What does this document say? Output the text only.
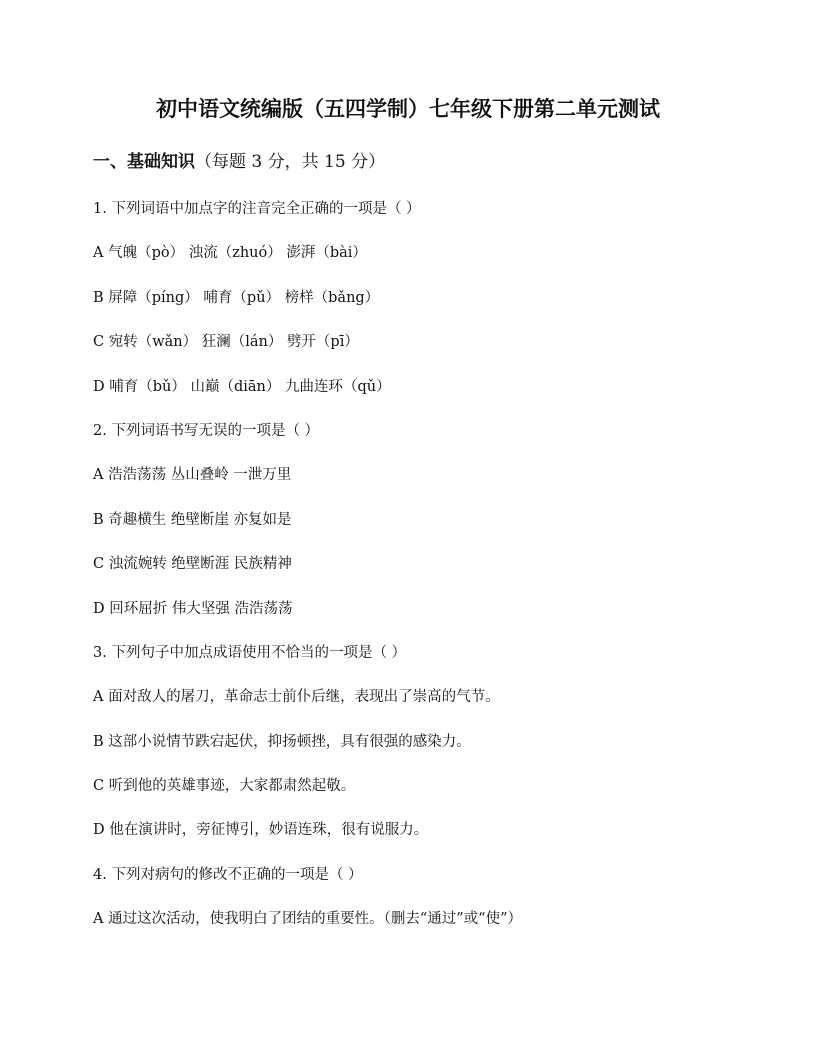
初中语文统编版（五四学制）七年级下册第二单元测试
一、基础知识（每题 3 分，共 15 分）
1. 下列词语中加点字的注音完全正确的一项是（ ）
A 气魄（pò） 浊流（zhuó） 澎湃（bài）
B 屏障（píng） 哺育（pǔ） 榜样（bǎng）
C 宛转（wǎn） 狂澜（lán） 劈开（pī）
D 哺育（bǔ） 山巅（diān） 九曲连环（qǔ）
2. 下列词语书写无误的一项是（ ）
A 浩浩荡荡 丛山叠岭 一泄万里
B 奇趣横生 绝壁断崖 亦复如是
C 浊流婉转 绝壁断涯 民族精神
D 回环屈折 伟大坚强 浩浩荡荡
3. 下列句子中加点成语使用不恰当的一项是（ ）
A 面对敌人的屠刀，革命志士前仆后继，表现出了崇高的气节。
B 这部小说情节跌宕起伏，抑扬顿挫，具有很强的感染力。
C 听到他的英雄事迹，大家都肃然起敬。
D 他在演讲时，旁征博引，妙语连珠，很有说服力。
4. 下列对病句的修改不正确的一项是（ ）
A 通过这次活动，使我明白了团结的重要性。（删去“通过”或“使”）
